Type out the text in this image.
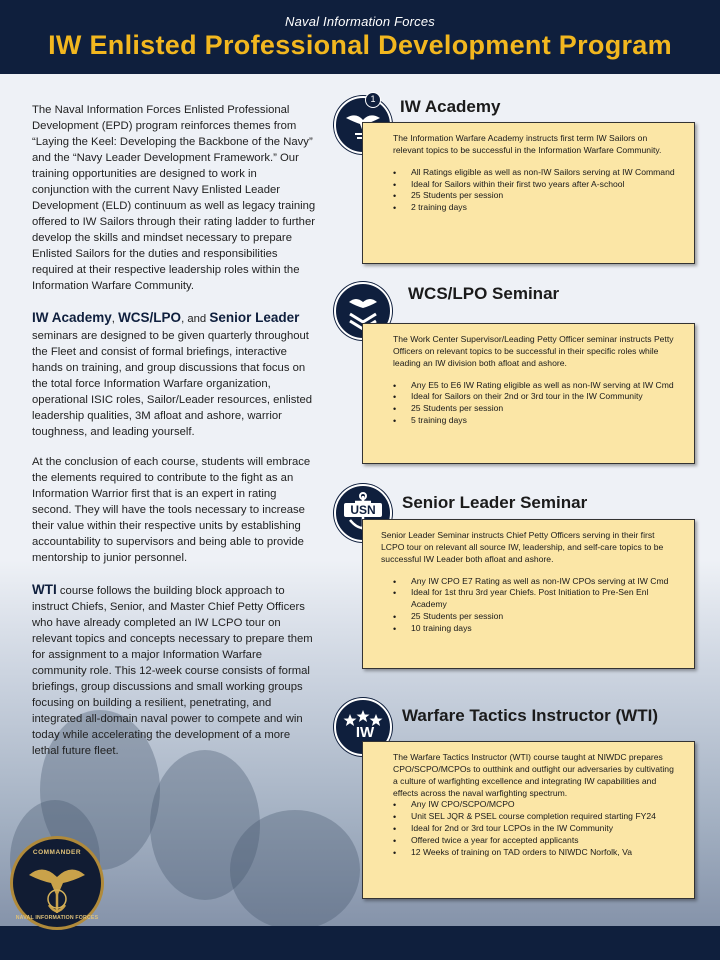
Naval Information Forces
IW Enlisted Professional Development Program

The Naval Information Forces Enlisted Professional Development (EPD) program reinforces themes from “Laying the Keel: Developing the Backbone of the Navy” and the “Navy Leader Development Framework.” Our training opportunities are designed to work in conjunction with the current Navy Enlisted Leader Development (ELD) continuum as well as legacy training offered to IW Sailors through their rating ladder to further develop the skills and mindset necessary to prepare Enlisted Sailors for the duties and responsibilities required at their respective leadership roles within the Information Warfare Community.

IW Academy, WCS/LPO, and Senior Leader seminars are designed to be given quarterly throughout the Fleet and consist of formal briefings, interactive hands on training, and group discussions that focus on the total force Information Warfare organization, operational ISIC roles, Sailor/Leader resources, enlisted leadership qualities, 3M afloat and ashore, warrior toughness, and leading yourself.

At the conclusion of each course, students will embrace the elements required to contribute to the fight as an Information Warrior first that is an expert in rating second. They will have the tools necessary to increase their value within their respective units by establishing accountability to supervisors and being able to provide mentorship to junior personnel.

WTI course follows the building block approach to instruct Chiefs, Senior, and Master Chief Petty Officers who have already completed an IW LCPO tour on relevant topics and concepts necessary to prepare them for assignment to a major Information Warfare community role. This 12-week course consists of formal briefings, group discussions and small working groups focusing on building a resilient, penetrating, and integrated all-domain naval power to compete and win today while accelerating the development of a more lethal future fleet.

1	IW Academy
The Information Warfare Academy instructs first term IW Sailors on relevant topics to be successful in the Information Warfare Community.
• All Ratings eligible as well as non-IW Sailors serving at IW Command
• Ideal for Sailors within their first two years after A-school
• 25 Students per session
• 2 training days
WCS/LPO Seminar
The Work Center Supervisor/Leading Petty Officer seminar instructs Petty Officers on relevant topics to be successful in their specific roles while leading an IW division both afloat and ashore.
• Any E5 to E6 IW Rating eligible as well as non-IW serving at IW Cmd
• Ideal for Sailors on their 2nd or 3rd tour in the IW Community
• 25 Students per session
• 5 training days
USN	Senior Leader Seminar
Senior Leader Seminar instructs Chief Petty Officers serving in their first LCPO tour on relevant all source IW, leadership, and self-care topics to be successful IW Leader both afloat and ashore.
• Any IW CPO E7 Rating as well as non-IW CPOs serving at IW Cmd
• Ideal for 1st thru 3rd year Chiefs. Post Initiation to Pre-Sen Enl Academy
• 25 Students per session
• 10 training days
IW
Warfare Tactics Instructor (WTI)
The Warfare Tactics Instructor (WTI) course taught at NIWDC prepares CPO/SCPO/MCPOs to outthink and outfight our adversaries by cultivating a culture of warfighting excellence and integrating IW capabilities and effects across the naval warfighting spectrum.
• Any IW CPO/SCPO/MCPO
• Unit SEL JQR & PSEL course completion required starting FY24
• Ideal for 2nd or 3rd tour LCPOs in the IW Community
• Offered twice a year for accepted applicants
• 12 Weeks of training on TAD orders to NIWDC Norfolk, Va
COMMANDER
NAVAL INFORMATION FORCES
